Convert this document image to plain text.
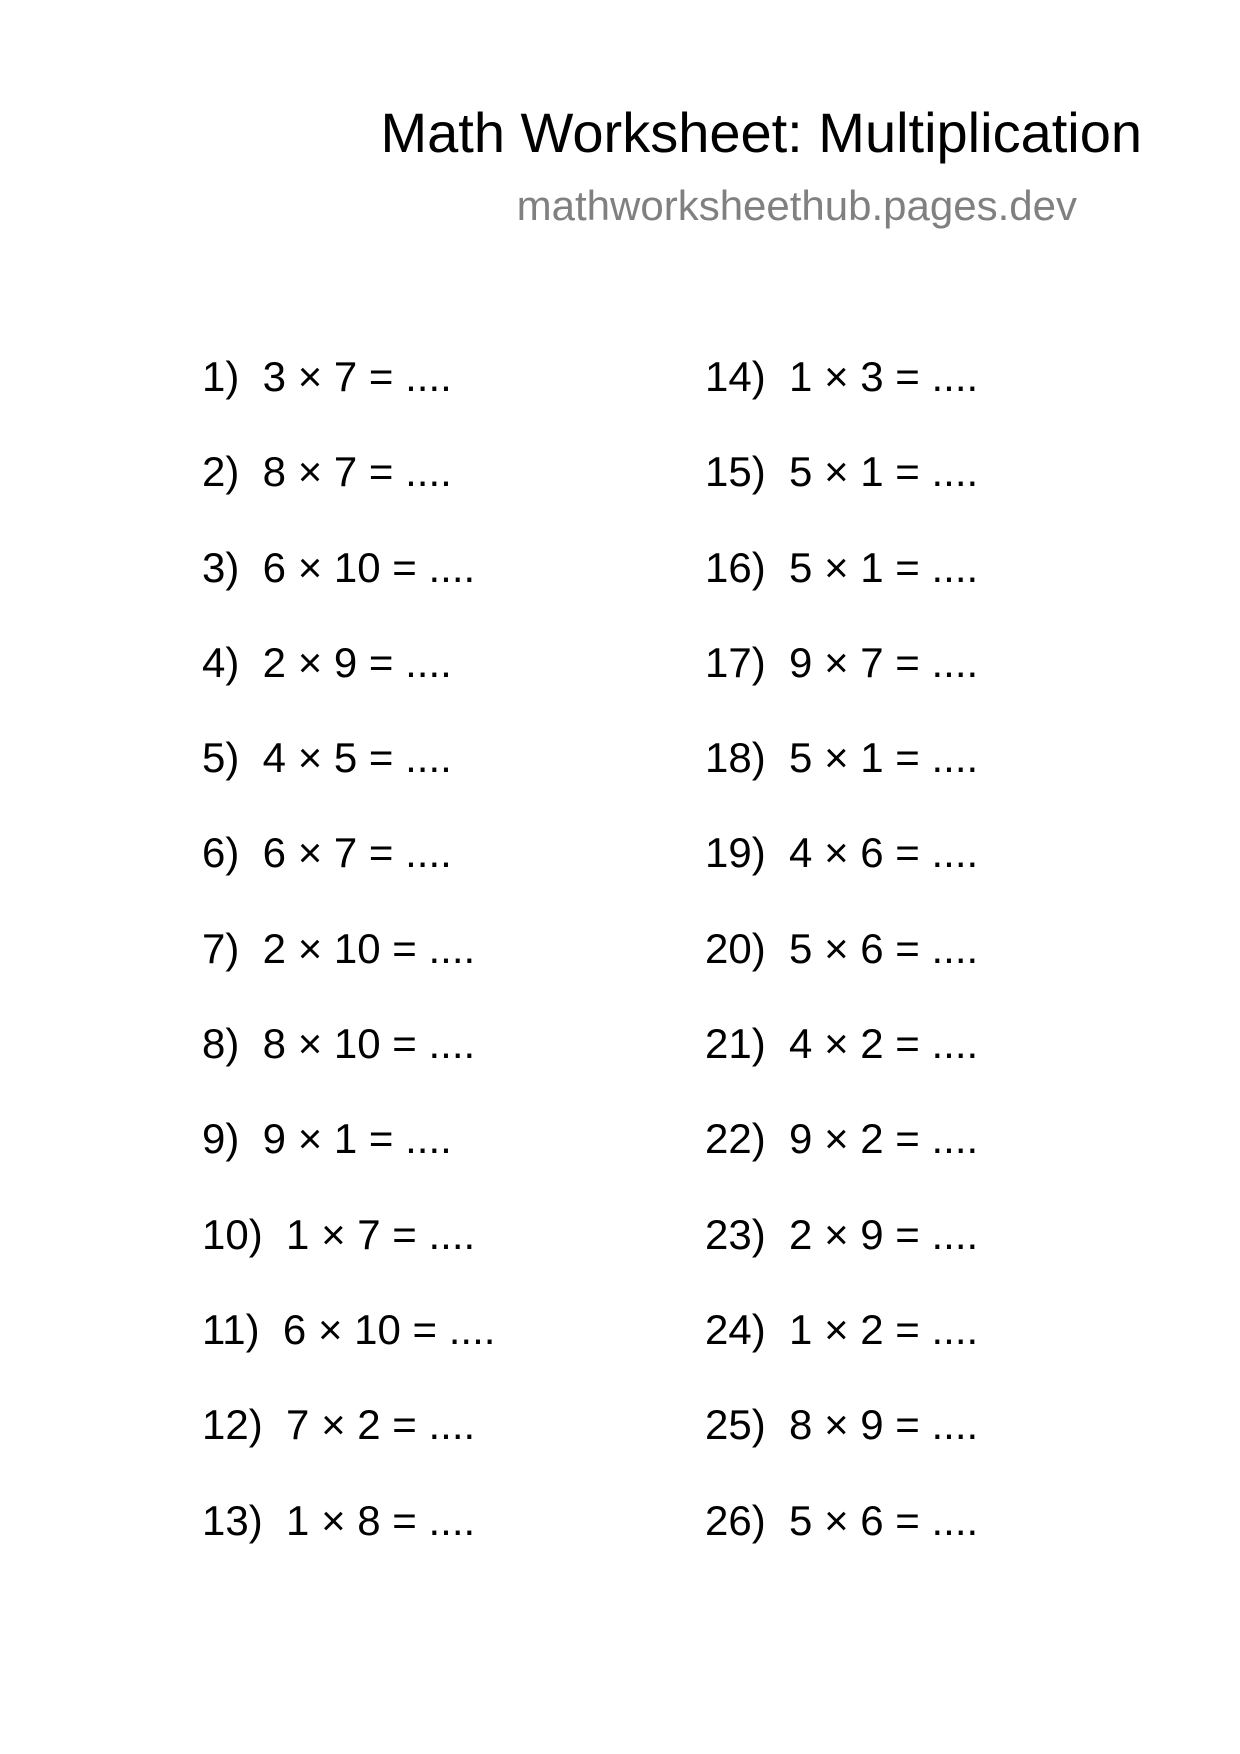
Math Worksheet: Multiplication
mathworksheethub.pages.dev
1)  3 × 7 = ....
2)  8 × 7 = ....
3)  6 × 10 = ....
4)  2 × 9 = ....
5)  4 × 5 = ....
6)  6 × 7 = ....
7)  2 × 10 = ....
8)  8 × 10 = ....
9)  9 × 1 = ....
10)  1 × 7 = ....
11)  6 × 10 = ....
12)  7 × 2 = ....
13)  1 × 8 = ....
14)  1 × 3 = ....
15)  5 × 1 = ....
16)  5 × 1 = ....
17)  9 × 7 = ....
18)  5 × 1 = ....
19)  4 × 6 = ....
20)  5 × 6 = ....
21)  4 × 2 = ....
22)  9 × 2 = ....
23)  2 × 9 = ....
24)  1 × 2 = ....
25)  8 × 9 = ....
26)  5 × 6 = ....
